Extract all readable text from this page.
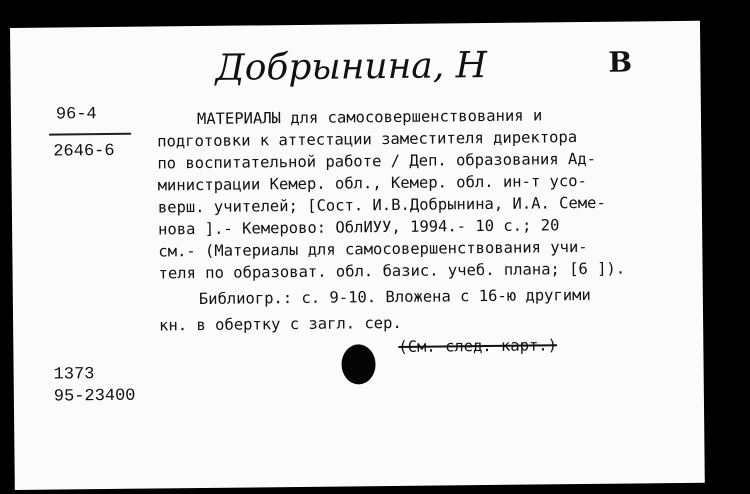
Добрынина, Н	В
96-4
2646-6
МАТЕРИАЛЫ для самосовершенствования и
подготовки к аттестации заместителя директора
по воспитательной работе / Деп. образования Ад-
министрации Кемер. обл., Кемер. обл. ин-т усо-
верш. учителей; [Сост. И.В.Добрынина, И.А. Семе-
нова ].- Кемерово: ОблИУУ, 1994.- 10 с.; 20
см.- (Материалы для самосовершенствования учи-
теля по образоват. обл. базис. учеб. плана; [6 ]).
Библиогр.: с. 9-10. Вложена с 16-ю другими
кн. в обертку с загл. сер.
(См. след. карт.)
1373
95-23400
